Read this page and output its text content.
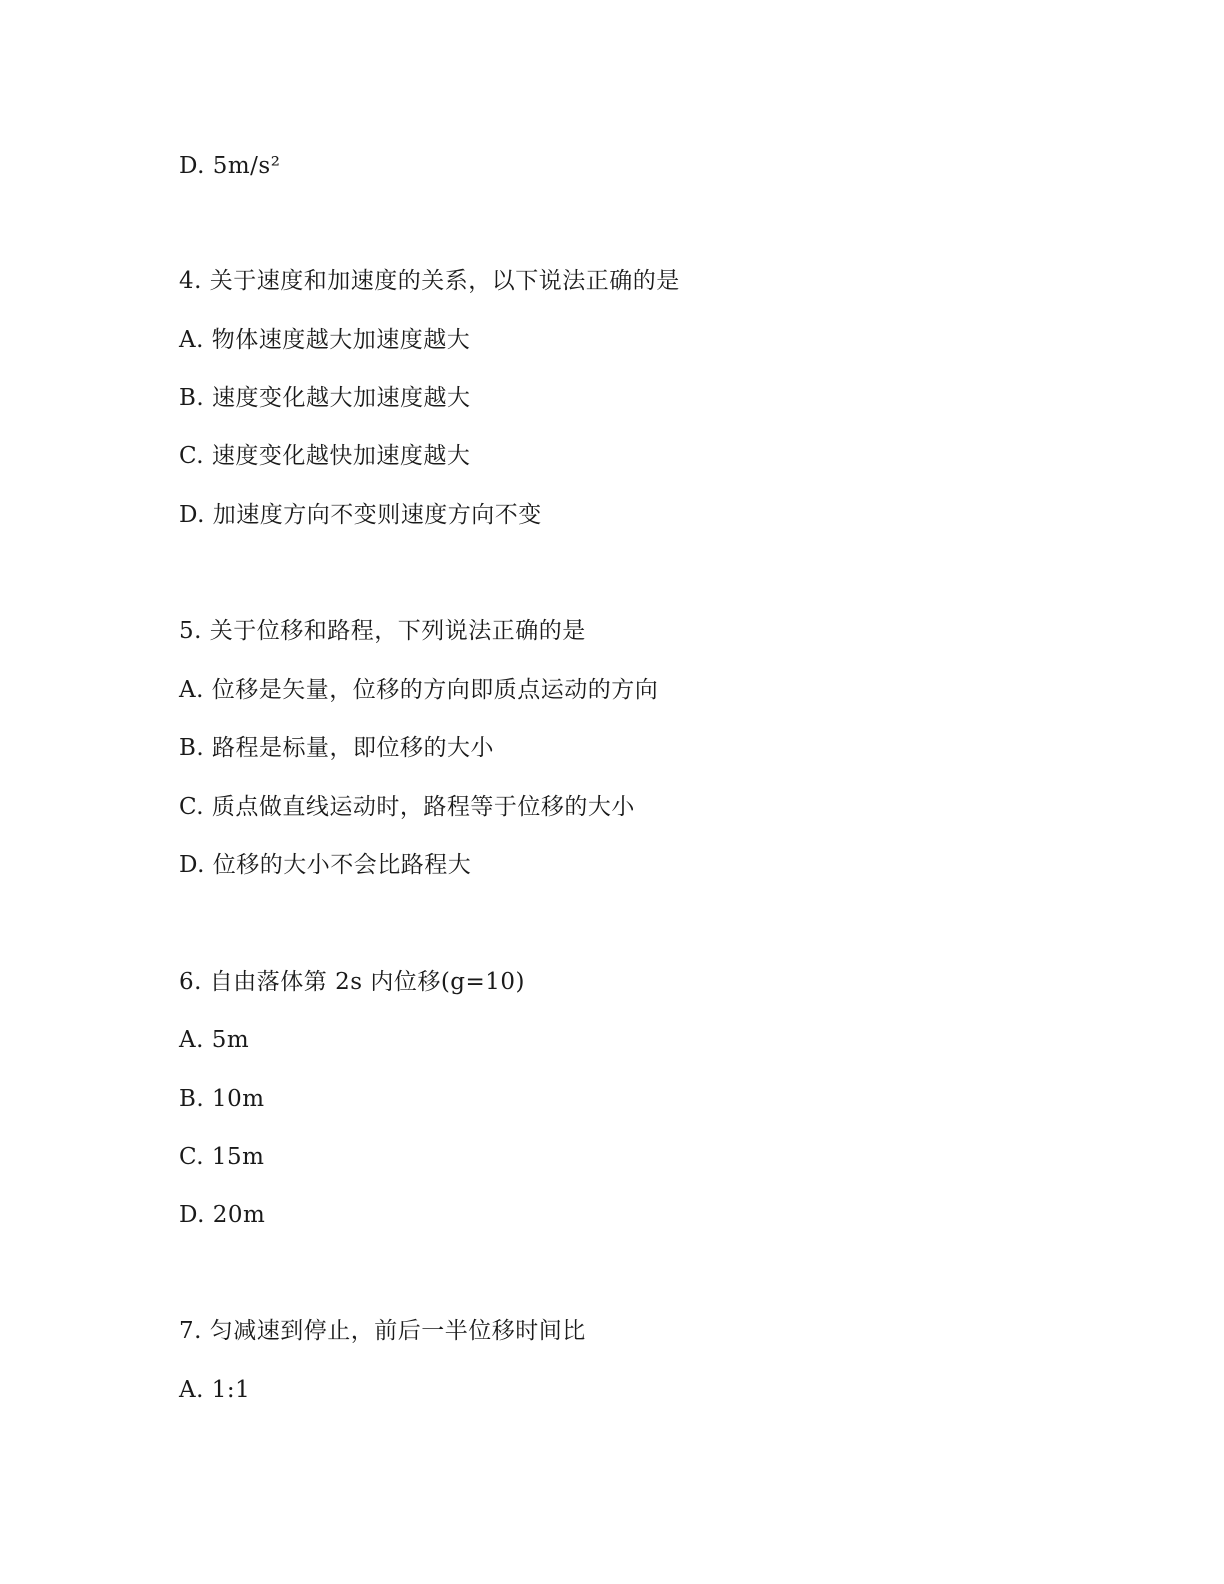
D. 5m/s²
4. 关于速度和加速度的关系，以下说法正确的是
A. 物体速度越大加速度越大
B. 速度变化越大加速度越大
C. 速度变化越快加速度越大
D. 加速度方向不变则速度方向不变
5. 关于位移和路程，下列说法正确的是
A. 位移是矢量，位移的方向即质点运动的方向
B. 路程是标量，即位移的大小
C. 质点做直线运动时，路程等于位移的大小
D. 位移的大小不会比路程大
6. 自由落体第 2s 内位移(g=10)
A. 5m
B. 10m
C. 15m
D. 20m
7. 匀减速到停止，前后一半位移时间比
A. 1:1
